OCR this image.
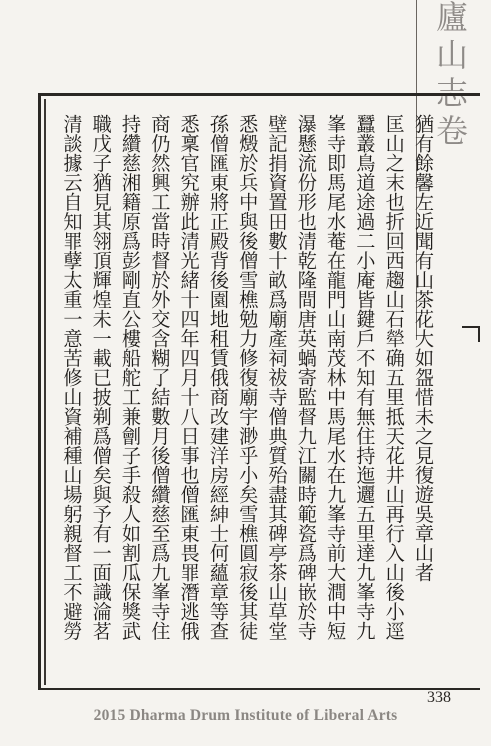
廬山志卷
猶有餘馨左近聞有山茶花大如盌惜未之見復遊吳章山者
匡山之末也折回西趨山石犖确五里抵天花井山再行入山後小逕
蠶叢鳥道途過二小庵皆鍵戶不知有無住持迤邐五里達九峯寺九
峯寺即馬尾水菴在龍門山南茂林中馬尾水在九峯寺前大澗中短
瀑懸流份形也清乾隆間唐英蝸寄監督九江關時範瓷爲碑嵌於寺
壁記捐資置田數十畝爲廟產祠祓寺僧典質殆盡其碑亭茶山草堂
悉燬於兵中與後僧雪樵勉力修復廟宇渺乎小矣雪樵圓寂後其徒
孫僧匯東將正殿背後園地租賃俄商改建洋房經紳士何蘊章等查
悉稟官究辦此清光緒十四年四月十八日事也僧匯東畏罪潛逃俄
商仍然興工當時督於外交含糊了結數月後僧纘慈至爲九峯寺住
持纘慈湘籍原爲彭剛直公樓船舵工兼劊子手殺人如割瓜保獎武
職戊子猶見其翎頂輝煌未一載已披剃爲僧矣與予有一面識淪茗
清談據云自知罪孽太重一意苦修山資補種山場躬親督工不避勞
338
2015 Dharma Drum Institute of Liberal Arts
